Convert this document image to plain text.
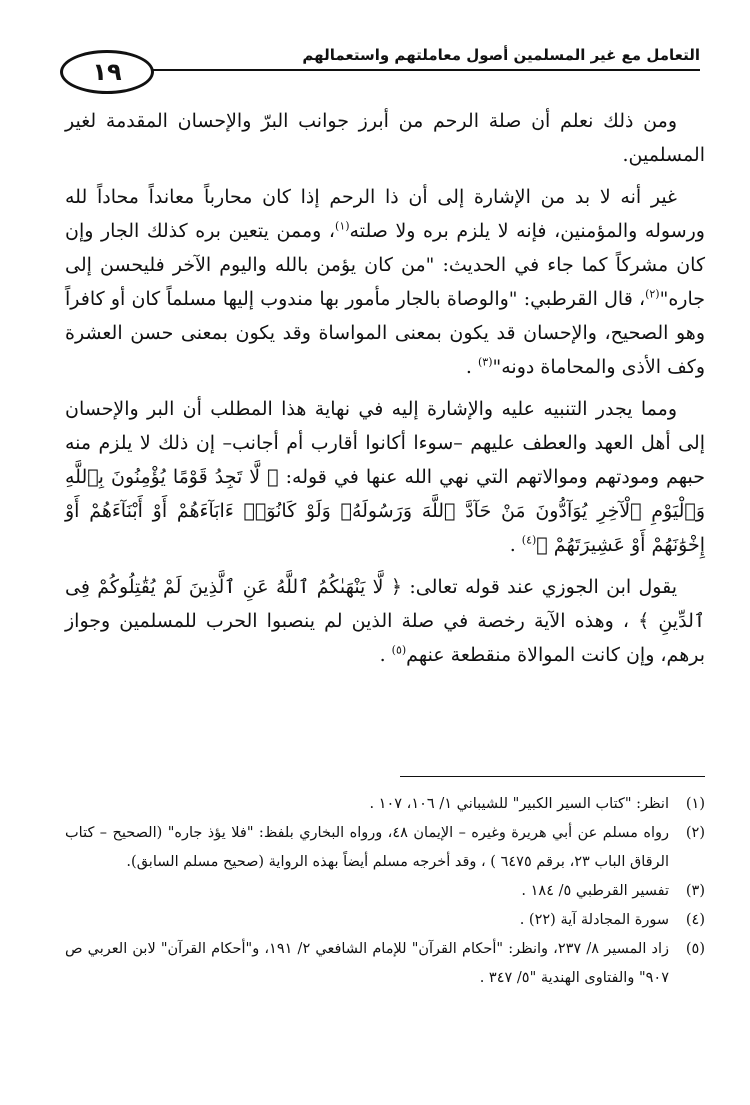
التعامل مع غير المسلمين أصول معاملتهم واستعمالهم
١٩

ومن ذلك نعلم أن صلة الرحم من أبرز جوانب البرّ والإحسان المقدمة لغير المسلمين.

غير أنه لا بد من الإشارة إلى أن ذا الرحم إذا كان محارباً معانداً محاداً لله ورسوله والمؤمنين، فإنه لا يلزم بره ولا صلته$^{(١)}$، وممن يتعين بره كذلك الجار وإن كان مشركاً كما جاء في الحديث: "من كان يؤمن بالله واليوم الآخر فليحسن إلى جاره"$^{(٢)}$، قال القرطبي: "والوصاة بالجار مأمور بها مندوب إليها مسلماً كان أو كافراً وهو الصحيح، والإحسان قد يكون بمعنى المواساة وقد يكون بمعنى حسن العشرة وكف الأذى والمحاماة دونه"$^{(٣)}$ .

ومما يجدر التنبيه عليه والإشارة إليه في نهاية هذا المطلب أن البر والإحسان إلى أهل العهد والعطف عليهم –سوءا أكانوا أقارب أم أجانب– إن ذلك لا يلزم منه حبهم ومودتهم وموالاتهم التي نهي الله عنها في قوله: ﴿ لَّا تَجِدُ قَوْمًا يُؤْمِنُونَ بِٱللَّهِ وَٱلْيَوْمِ ٱلْآخِرِ يُوَآدُّونَ مَنْ حَآدَّ ٱللَّهَ وَرَسُولَهُۥ وَلَوْ كَانُوٓا۟ ءَابَآءَهُمْ أَوْ أَبْنَآءَهُمْ أَوْ إِخْوَٰنَهُمْ أَوْ عَشِيرَتَهُمْ ﴾$^{(٤)}$ .

يقول ابن الجوزي عند قوله تعالى: ﴿ لَّا يَنْهَىٰكُمُ ٱللَّهُ عَنِ ٱلَّذِينَ لَمْ يُقَٰتِلُوكُمْ فِى ٱلدِّينِ ﴾ ، وهذه الآية رخصة في صلة الذين لم ينصبوا الحرب للمسلمين وجواز برهم، وإن كانت الموالاة منقطعة عنهم$^{(٥)}$ .

(١)
انظر: "كتاب السير الكبير" للشيباني ١/ ١٠٦، ١٠٧ .
(٢)
رواه مسلم عن أبي هريرة وغيره – الإيمان ٤٨، ورواه البخاري بلفظ: "فلا يؤذ جاره" (الصحيح – كتاب الرقاق الباب ٢٣، برقم ٦٤٧٥ ) ، وقد أخرجه مسلم أيضاً بهذه الرواية (صحيح مسلم السابق).
(٣)
تفسير القرطبي ٥/ ١٨٤ .
(٤)
سورة المجادلة آية (٢٢) .
(٥)
زاد المسير ٨/ ٢٣٧، وانظر: "أحكام القرآن" للإمام الشافعي ٢/ ١٩١، و"أحكام القرآن" لابن العربي ص ٩٠٧" والفتاوى الهندية "٥/ ٣٤٧ .
